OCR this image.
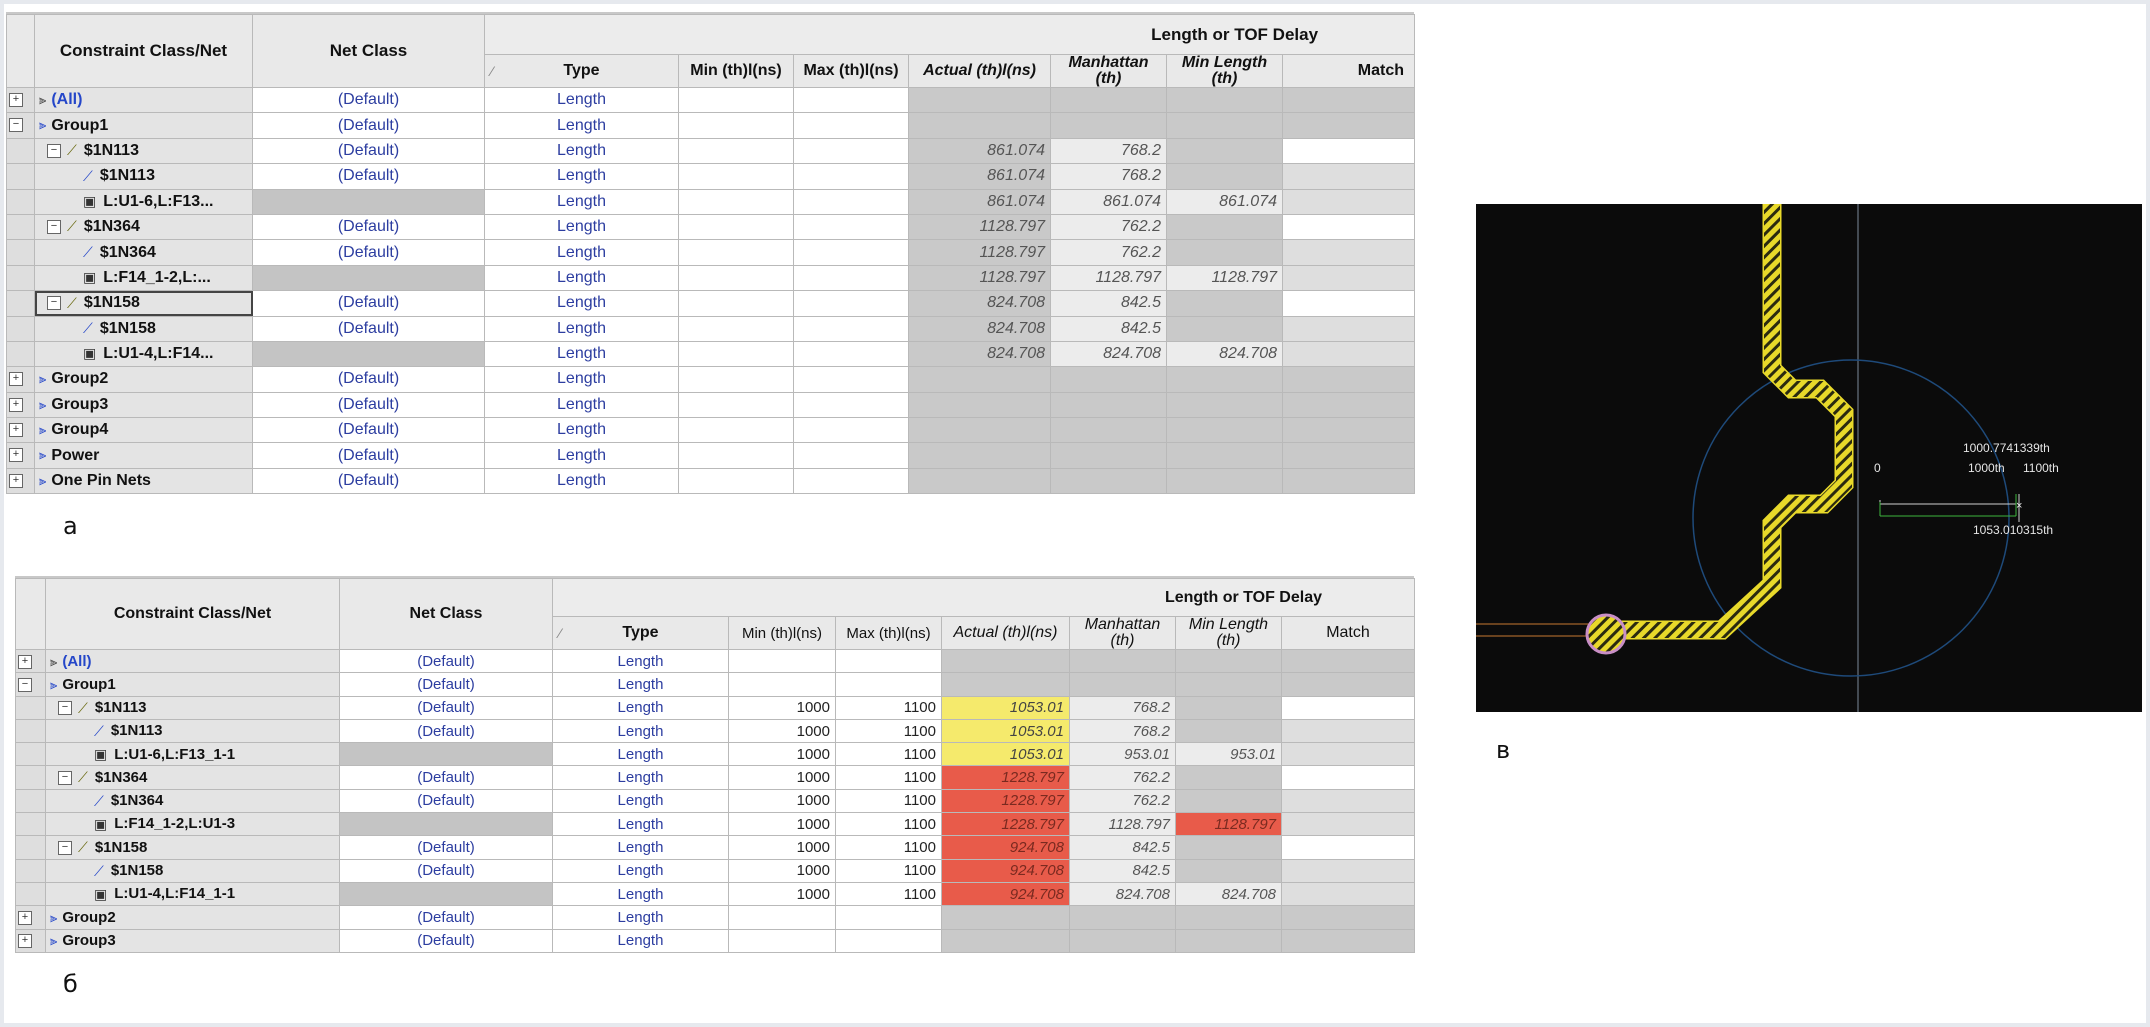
	Constraint Class/Net	Net Class	Length or TOF Delay						

			⁄ Type	Min (th)l(ns)	Max (th)l(ns)	Actual (th)l(ns)	Manhattan (th)	Min Length (th)	Match
+	⫸ (All)	(Default)	Length						
−	⫸ Group1	(Default)	Length						
	− ⟋ $1N113	(Default)	Length			861.074	768.2		
	⟋ $1N113	(Default)	Length			861.074	768.2		
	▣ L:U1-6,L:F13...		Length			861.074	861.074	861.074	
	− ⟋ $1N364	(Default)	Length			1128.797	762.2		
	⟋ $1N364	(Default)	Length			1128.797	762.2		
	▣ L:F14_1-2,L:...		Length			1128.797	1128.797	1128.797	
	− ⟋ $1N158	(Default)	Length			824.708	842.5		
	⟋ $1N158	(Default)	Length			824.708	842.5		
	▣ L:U1-4,L:F14...		Length			824.708	824.708	824.708	
+	⫸ Group2	(Default)	Length						
+	⫸ Group3	(Default)	Length						
+	⫸ Group4	(Default)	Length						
+	⫸ Power	(Default)	Length						
+	⫸ One Pin Nets	(Default)	Length						
а
	Constraint Class/Net	Net Class	Length or TOF Delay						

			⁄ Type	Min (th)l(ns)	Max (th)l(ns)	Actual (th)l(ns)	Manhattan (th)	Min Length (th)	Match
+	⫸ (All)	(Default)	Length						
−	⫸ Group1	(Default)	Length						
	− ⟋ $1N113	(Default)	Length	1000	1100	1053.01	768.2		
	⟋ $1N113	(Default)	Length	1000	1100	1053.01	768.2		
	▣ L:U1-6,L:F13_1-1		Length	1000	1100	1053.01	953.01	953.01	
	− ⟋ $1N364	(Default)	Length	1000	1100	1228.797	762.2		
	⟋ $1N364	(Default)	Length	1000	1100	1228.797	762.2		
	▣ L:F14_1-2,L:U1-3		Length	1000	1100	1228.797	1128.797	1128.797	
	− ⟋ $1N158	(Default)	Length	1000	1100	924.708	842.5		
	⟋ $1N158	(Default)	Length	1000	1100	924.708	842.5		
	▣ L:U1-4,L:F14_1-1		Length	1000	1100	924.708	824.708	824.708	
+	⫸ Group2	(Default)	Length						
+	⫸ Group3	(Default)	Length						
б
×
1000.7741339th
1000th 1100th
0
1053.010315th
в
